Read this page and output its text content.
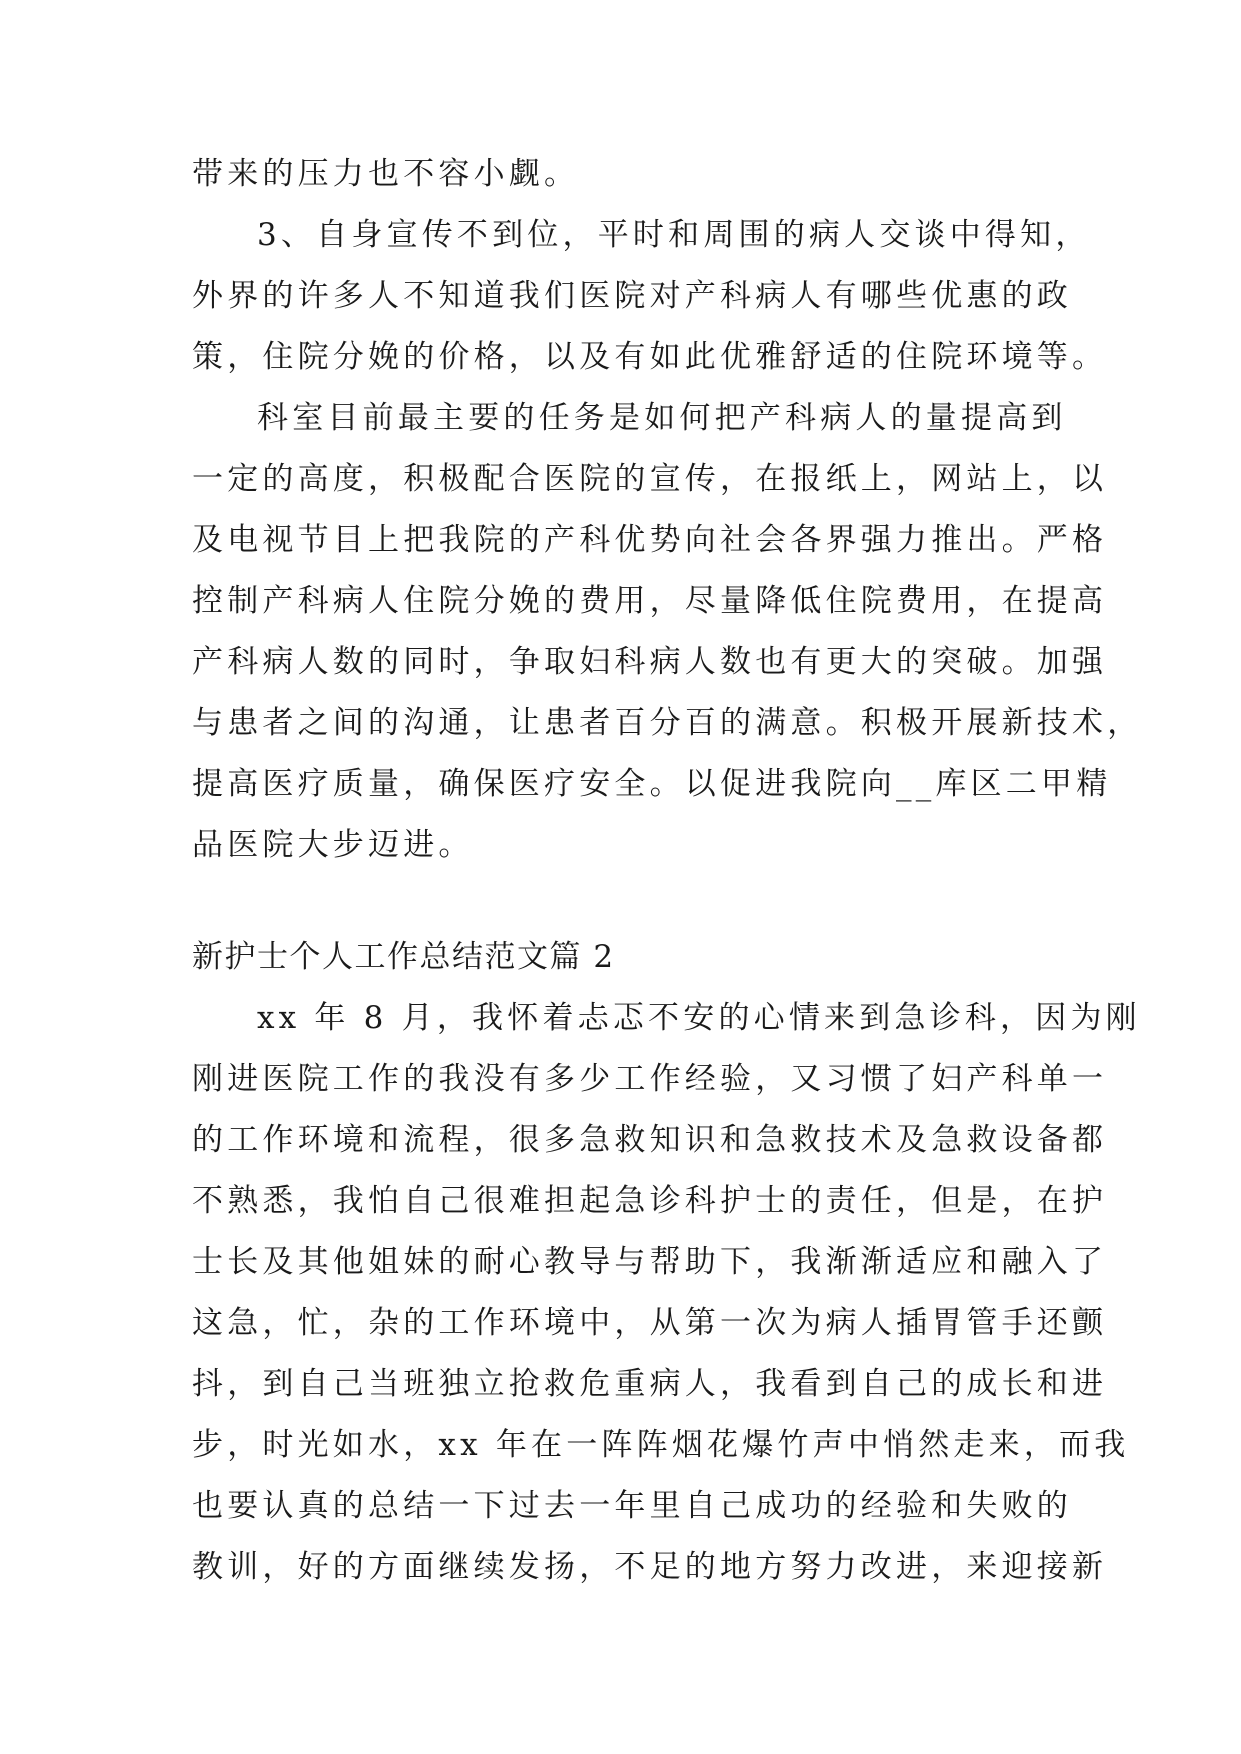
带来的压力也不容小觑。
3、自身宣传不到位，平时和周围的病人交谈中得知，
外界的许多人不知道我们医院对产科病人有哪些优惠的政
策，住院分娩的价格，以及有如此优雅舒适的住院环境等。
科室目前最主要的任务是如何把产科病人的量提高到
一定的高度，积极配合医院的宣传，在报纸上，网站上，以
及电视节目上把我院的产科优势向社会各界强力推出。严格
控制产科病人住院分娩的费用，尽量降低住院费用，在提高
产科病人数的同时，争取妇科病人数也有更大的突破。加强
与患者之间的沟通，让患者百分百的满意。积极开展新技术，
提高医疗质量，确保医疗安全。以促进我院向__库区二甲精
品医院大步迈进。
新护士个人工作总结范文篇 2
xx 年 8 月，我怀着忐忑不安的心情来到急诊科，因为刚
刚进医院工作的我没有多少工作经验，又习惯了妇产科单一
的工作环境和流程，很多急救知识和急救技术及急救设备都
不熟悉，我怕自己很难担起急诊科护士的责任，但是，在护
士长及其他姐妹的耐心教导与帮助下，我渐渐适应和融入了
这急，忙，杂的工作环境中，从第一次为病人插胃管手还颤
抖，到自己当班独立抢救危重病人，我看到自己的成长和进
步，时光如水，xx 年在一阵阵烟花爆竹声中悄然走来，而我
也要认真的总结一下过去一年里自己成功的经验和失败的
教训，好的方面继续发扬，不足的地方努力改进，来迎接新
